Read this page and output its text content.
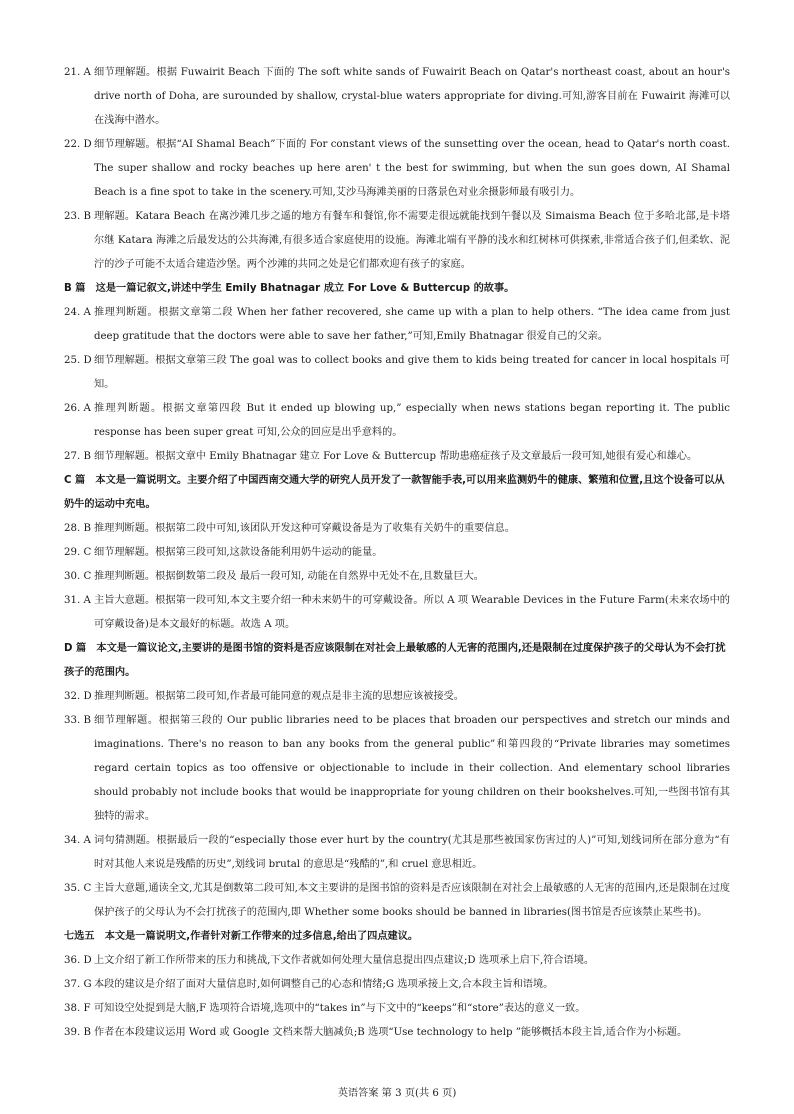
21. A 细节理解题。根据 Fuwairit Beach 下面的 The soft white sands of Fuwairit Beach on Qatar's northeast coast, about an hour's drive north of Doha, are surounded by shallow, crystal-blue waters appropriate for diving.可知,游客目前在 Fuwairit 海滩可以在浅海中潜水。
22. D 细节理解题。根据“AI Shamal Beach”下面的 For constant views of the sunsetting over the ocean, head to Qatar's north coast. The super shallow and rocky beaches up here aren' t the best for swimming, but when the sun goes down, AI Shamal Beach is a fine spot to take in the scenery.可知,艾沙马海滩美丽的日落景色对业余摄影师最有吸引力。
23. B 理解题。Katara Beach 在离沙滩几步之遥的地方有餐车和餐馆,你不需要走很远就能找到午餐以及 Simaisma Beach 位于多哈北部,是卡塔尔继 Katara 海滩之后最发达的公共海滩,有很多适合家庭使用的设施。海滩北端有平静的浅水和红树林可供探索,非常适合孩子们,但柔软、泥泞的沙子可能不太适合建造沙堡。两个沙滩的共同之处是它们都欢迎有孩子的家庭。
B 篇　这是一篇记叙文,讲述中学生 Emily Bhatnagar 成立 For Love & Buttercup 的故事。
24. A 推理判断题。根据文章第二段 When her father recovered, she came up with a plan to help others. “The idea came from just deep gratitude that the doctors were able to save her father,”可知,Emily Bhatnagar 很爱自己的父亲。
25. D 细节理解题。根据文章第三段 The goal was to collect books and give them to kids being treated for cancer in local hospitals 可知。
26. A 推理判断题。根据文章第四段 But it ended up blowing up,” especially when news stations began reporting it. The public response has been super great 可知,公众的回应是出乎意料的。
27. B 细节理解题。根据文章中 Emily Bhatnagar 建立 For Love & Buttercup 帮助患癌症孩子及文章最后一段可知,她很有爱心和雄心。
C 篇　本文是一篇说明文。主要介绍了中国西南交通大学的研究人员开发了一款智能手表,可以用来监测奶牛的健康、繁殖和位置,且这个设备可以从奶牛的运动中充电。
28. B 推理判断题。根据第二段中可知,该团队开发这种可穿戴设备是为了收集有关奶牛的重要信息。
29. C 细节理解题。根据第三段可知,这款设备能利用奶牛运动的能量。
30. C 推理判断题。根据倒数第二段及 最后一段可知, 动能在自然界中无处不在,且数量巨大。
31. A 主旨大意题。根据第一段可知,本文主要介绍一种未来奶牛的可穿戴设备。所以 A 项 Wearable Devices in the Future Farm(未来农场中的可穿戴设备)是本文最好的标题。故选 A 项。
D 篇　本文是一篇议论文,主要讲的是图书馆的资料是否应该限制在对社会上最敏感的人无害的范围内,还是限制在过度保护孩子的父母认为不会打扰孩子的范围内。
32. D 推理判断题。根据第二段可知,作者最可能同意的观点是非主流的思想应该被接受。
33. B 细节理解题。根据第三段的 Our public libraries need to be places that broaden our perspectives and stretch our minds and imaginations. There's no reason to ban any books from the general public”和第四段的“Private libraries may sometimes regard certain topics as too offensive or objectionable to include in their collection. And elementary school libraries should probably not include books that would be inappropriate for young children on their bookshelves.可知,一些图书馆有其独特的需求。
34. A 词句猜测题。根据最后一段的“especially those ever hurt by the country(尤其是那些被国家伤害过的人)”可知,划线词所在部分意为“有时对其他人来说是残酷的历史”,划线词 brutal 的意思是“残酷的”,和 cruel 意思相近。
35. C 主旨大意题,通读全文,尤其是倒数第二段可知,本文主要讲的是图书馆的资料是否应该限制在对社会上最敏感的人无害的范围内,还是限制在过度保护孩子的父母认为不会打扰孩子的范围内,即 Whether some books should be banned in libraries(图书馆是否应该禁止某些书)。
七选五　本文是一篇说明文,作者针对新工作带来的过多信息,给出了四点建议。
36. D 上文介绍了新工作所带来的压力和挑战,下文作者就如何处理大量信息提出四点建议;D 选项承上启下,符合语境。
37. G 本段的建议是介绍了面对大量信息时,如何调整自己的心态和情绪;G 选项承接上文,合本段主旨和语境。
38. F 可知设空处提到是大脑,F 选项符合语境,选项中的“takes in”与下文中的“keeps”和“store”表达的意义一致。
39. B 作者在本段建议运用 Word 或 Google 文档来帮大脑减负;B 选项“Use technology to help ”能够概括本段主旨,适合作为小标题。
英语答案 第 3 页(共 6 页)
